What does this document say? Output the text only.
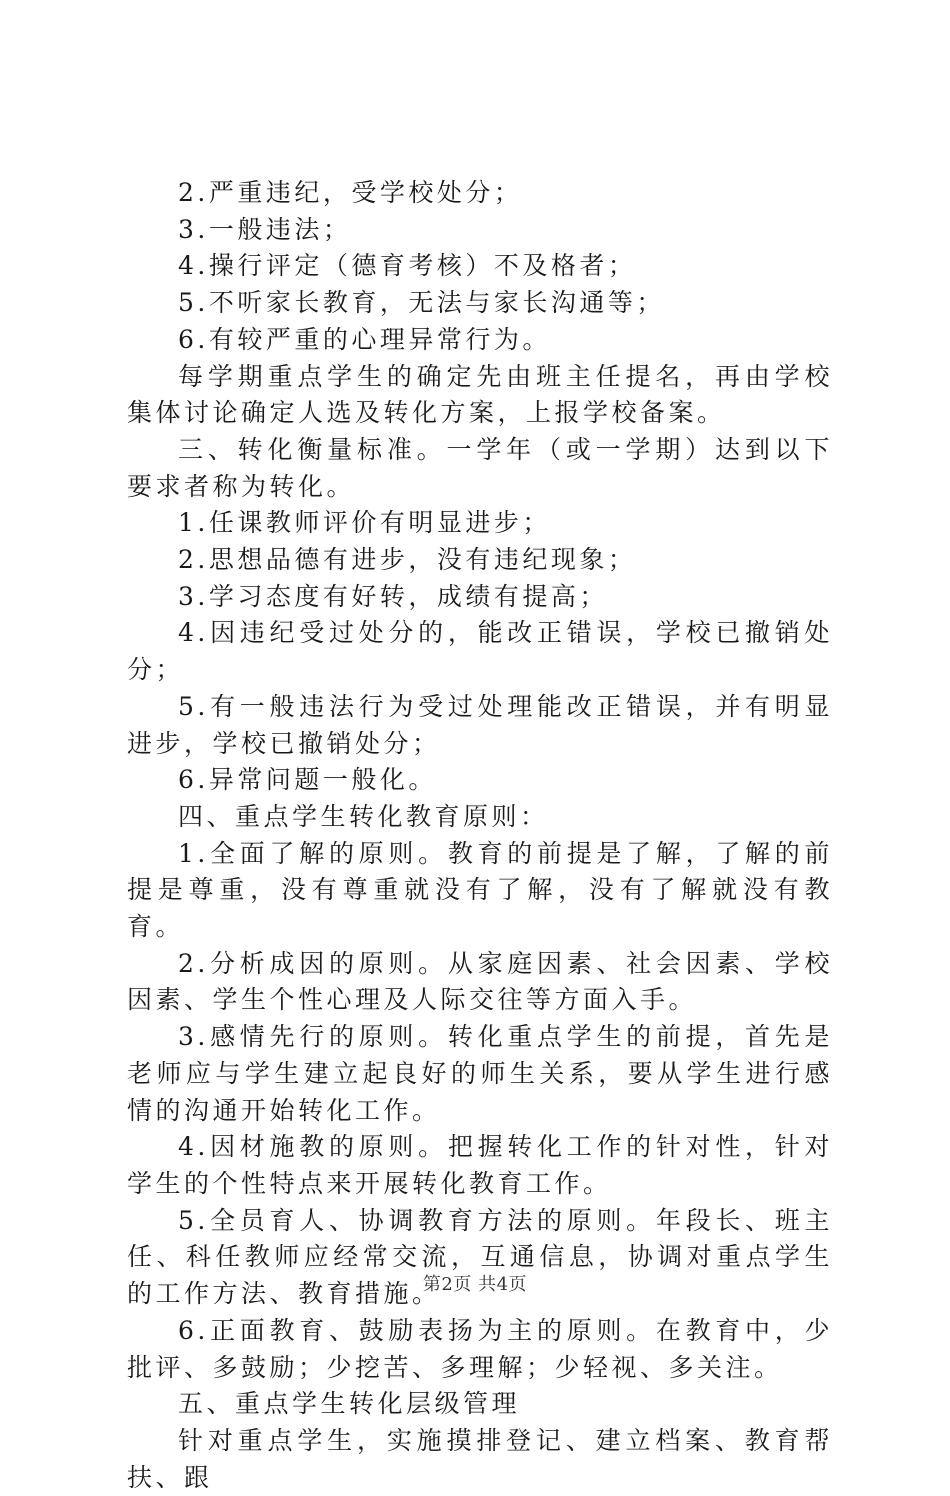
2.严重违纪，受学校处分；

3.一般违法；

4.操行评定（德育考核）不及格者；

5.不听家长教育，无法与家长沟通等；

6.有较严重的心理异常行为。

每学期重点学生的确定先由班主任提名，再由学校集体讨论确定人选及转化方案，上报学校备案。

三、转化衡量标准。一学年（或一学期）达到以下要求者称为转化。

1.任课教师评价有明显进步；

2.思想品德有进步，没有违纪现象；

3.学习态度有好转，成绩有提高；

4.因违纪受过处分的，能改正错误，学校已撤销处分；

5.有一般违法行为受过处理能改正错误，并有明显进步，学校已撤销处分；

6.异常问题一般化。

四、重点学生转化教育原则：

1.全面了解的原则。教育的前提是了解，了解的前提是尊重，没有尊重就没有了解，没有了解就没有教育。

2.分析成因的原则。从家庭因素、社会因素、学校因素、学生个性心理及人际交往等方面入手。

3.感情先行的原则。转化重点学生的前提，首先是老师应与学生建立起良好的师生关系，要从学生进行感情的沟通开始转化工作。

4.因材施教的原则。把握转化工作的针对性，针对学生的个性特点来开展转化教育工作。

5.全员育人、协调教育方法的原则。年段长、班主任、科任教师应经常交流，互通信息，协调对重点学生的工作方法、教育措施。

6.正面教育、鼓励表扬为主的原则。在教育中，少批评、多鼓励；少挖苦、多理解；少轻视、多关注。

五、重点学生转化层级管理

针对重点学生，实施摸排登记、建立档案、教育帮扶、跟

第2页 共4页
